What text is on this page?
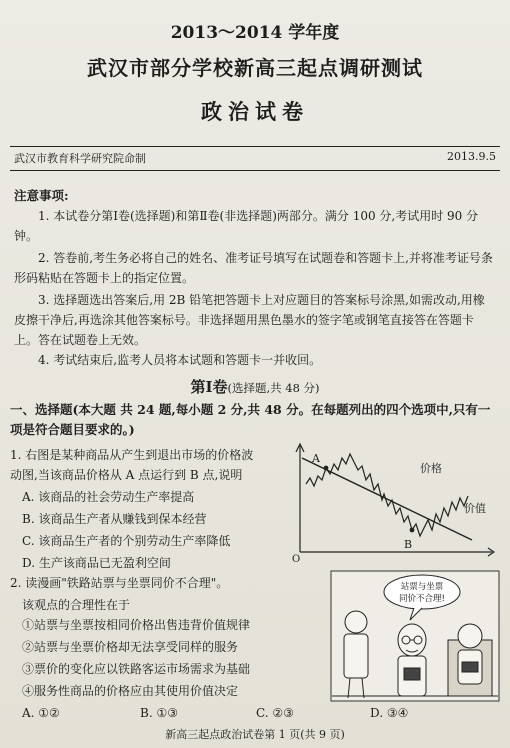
2013～2014 学年度
武汉市部分学校新高三起点调研测试
政治试卷
武汉市教育科学研究院命制	2013.9.5
注意事项:
1. 本试卷分第Ⅰ卷(选择题)和第Ⅱ卷(非选择题)两部分。满分 100 分,考试用时 90 分钟。
2. 答卷前,考生务必将自己的姓名、准考证号填写在试题卷和答题卡上,并将准考证号条形码粘贴在答题卡上的指定位置。
3. 选择题选出答案后,用 2B 铅笔把答题卡上对应题目的答案标号涂黑,如需改动,用橡皮擦干净后,再选涂其他答案标号。非选择题用黑色墨水的签字笔或钢笔直接答在答题卡上。答在试题卷上无效。
4. 考试结束后,监考人员将本试题和答题卡一并收回。
第Ⅰ卷(选择题,共 48 分)
一、选择题(本大题 共 24 题,每小题 2 分,共 48 分。在每题列出的四个选项中,只有一项是符合题目要求的。)
1. 右图是某种商品从产生到退出市场的价格波
动图,当该商品价格从 A 点运行到 B 点,说明
A. 该商品的社会劳动生产率提高
B. 该商品生产者从赚钱到保本经营
C. 该商品生产者的个别劳动生产率降低
D. 生产该商品已无盈利空间
A
B
O
价格
价值
2. 读漫画"铁路站票与坐票同价不合理"。
该观点的合理性在于
①站票与坐票按相同价格出售违背价值规律
②站票与坐票价格却无法享受同样的服务
③票价的变化应以铁路客运市场需求为基础
④服务性商品的价格应由其使用价值决定
A. ①②	B. ①③	C. ②③	D. ③④
站票与坐票
同价不合理!
新高三起点政治试卷第 1 页(共 9 页)
